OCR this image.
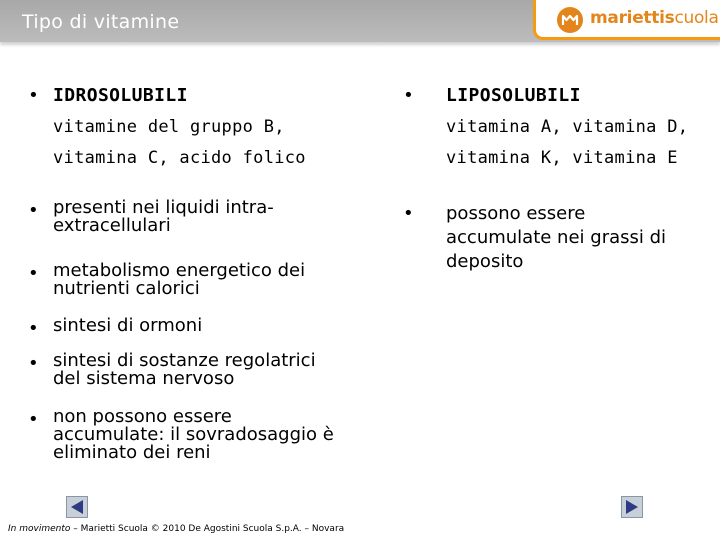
Tipo di vitamine	mariettiscuola
• IDROSOLUBILI
vitamine del gruppo B,
vitamina C, acido folico
• presenti nei liquidi intra-
extracellulari
• metabolismo energetico dei
nutrienti calorici
• sintesi di ormoni
• sintesi di sostanze regolatrici
del sistema nervoso
• non possono essere
accumulate: il sovradosaggio è
eliminato dei reni
• LIPOSOLUBILI
vitamina A, vitamina D,
vitamina K, vitamina E
• possono essere
accumulate nei grassi di
deposito
In movimento – Marietti Scuola © 2010 De Agostini Scuola S.p.A. – Novara
